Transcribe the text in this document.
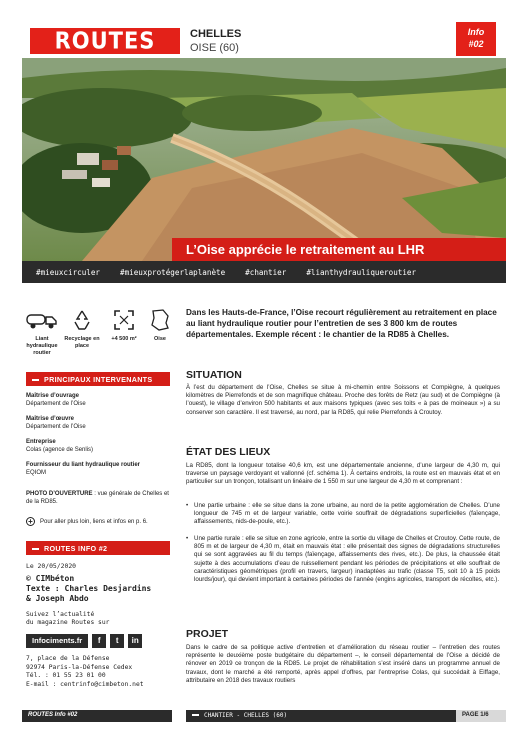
ROUTES	CHELLES
OISE (60)
Info
#02
L’Oise apprécie le retraitement au LHR
#mieuxcirculer	#mieuxprotégerlaplanète	#chantier	#lianthydrauliqueroutier
Liant hydraulique routier
Recyclage en place
+4 500 m²	Oise
PRINCIPAUX INTERVENANTS
Maîtrise d’ouvrage
Département de l’Oise
Maîtrise d’œuvre
Département de l’Oise
Entreprise
Colas (agence de Senlis)
Fournisseur du liant hydraulique routier
EQIOM
PHOTO D’OUVERTURE : vue générale de Chelles et de la RD85.
+	Pour aller plus loin, liens et infos en p. 6.
ROUTES INFO #2
Le 20/05/2020
© CIMbéton
Texte : Charles Desjardins
& Joseph Abdo
Suivez l’actualité
du magazine Routes sur
Infociments.fr	f	t	in
7, place de la Défense
92974 Paris-la-Défense Cedex
Tél. : 01 55 23 01 00
E-mail : centrinfo@cimbeton.net
Dans les Hauts-de-France, l’Oise recourt régulièrement au retraitement en place au liant hydraulique routier pour l’entretien de ses 3 800 km de routes départementales. Exemple récent : le chantier de la RD85 à Chelles.
SITUATION
À l’est du département de l’Oise, Chelles se situe à mi-chemin entre Soissons et Compiègne, à quelques kilomètres de Pierrefonds et de son magnifique château. Proche des forêts de Retz (au sud) et de Compiègne (à l’ouest), le village d’environ 500 habitants et aux maisons typiques (avec ses toits « à pas de moineaux ») a su conserver son caractère. Il est traversé, au nord, par la RD85, qui relie Pierrefonds à Croutoy.
ÉTAT DES LIEUX
La RD85, dont la longueur totalise 40,6 km, est une départementale ancienne, d’une largeur de 4,30 m, qui traverse un paysage verdoyant et vallonné (cf. schéma 1). À certains endroits, la route est en mauvais état et en particulier sur un tronçon, totalisant un linéaire de 1 550 m sur une largeur de 4,30 m et comprenant :
• Une partie urbaine : elle se situe dans la zone urbaine, au nord de la petite agglomération de Chelles. D’une longueur de 745 m et de largeur variable, cette voirie souffrait de dégradations superficielles (faïençage, affaissements, nids-de-poule, etc.).
• Une partie rurale : elle se situe en zone agricole, entre la sortie du village de Chelles et Croutoy. Cette route, de 805 m et de largeur de 4,30 m, était en mauvais état : elle présentait des signes de dégradations structurelles qui se sont aggravées au fil du temps (faïençage, affaissements des rives, etc.). De plus, la chaussée était sujette à des accumulations d’eau de ruissellement pendant les périodes de précipitations et elle souffrait de caractéristiques géométriques (profil en travers, largeur) inadaptées au trafic (classe T5, soit 10 à 15 poids lourds/jour), qui devient important à certaines périodes de l’année (engins agricoles, transport de récoltes, etc.).
PROJET
Dans le cadre de sa politique active d’entretien et d’amélioration du réseau routier – l’entretien des routes représente le deuxième poste budgétaire du département –, le conseil départemental de l’Oise a décidé de rénover en 2019 ce tronçon de la RD85. Le projet de réhabilitation s’est inséré dans un programme annuel de travaux, dont le marché a été remporté, après appel d’offres, par l’entreprise Colas, qui succédait à Eiffage, attributaire en 2018 des travaux routiers
ROUTES Info #02	CHANTIER - CHELLES (60)	PAGE 1/6
